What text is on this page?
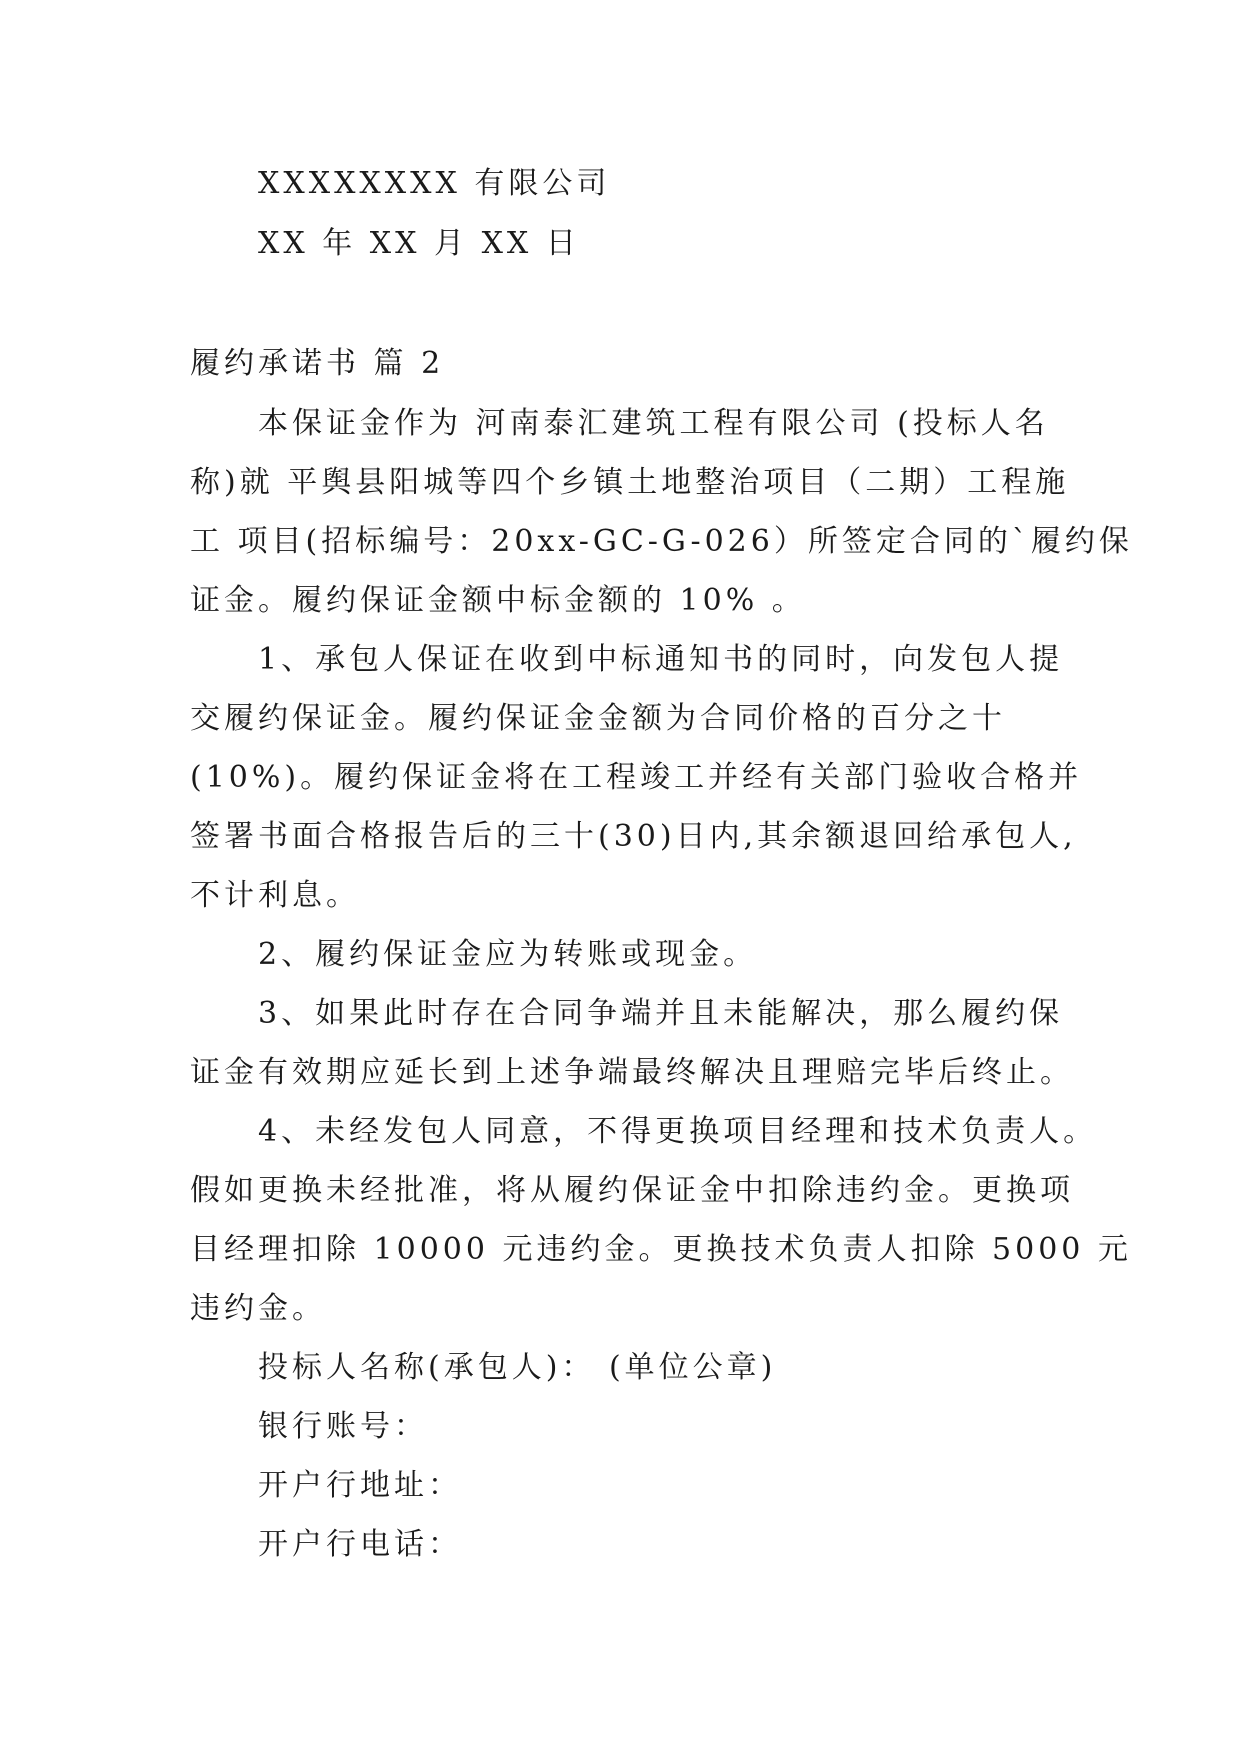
XXXXXXXX 有限公司
XX 年 XX 月 XX 日
履约承诺书 篇 2
本保证金作为 河南泰汇建筑工程有限公司 (投标人名
称)就 平舆县阳城等四个乡镇土地整治项目（二期）工程施
工 项目(招标编号：20xx-GC-G-026）所签定合同的`履约保
证金。履约保证金额中标金额的 10% 。
1、承包人保证在收到中标通知书的同时，向发包人提
交履约保证金。履约保证金金额为合同价格的百分之十
(10%)。履约保证金将在工程竣工并经有关部门验收合格并
签署书面合格报告后的三十(30)日内,其余额退回给承包人,
不计利息。
2、履约保证金应为转账或现金。
3、如果此时存在合同争端并且未能解决，那么履约保
证金有效期应延长到上述争端最终解决且理赔完毕后终止。
4、未经发包人同意，不得更换项目经理和技术负责人。
假如更换未经批准，将从履约保证金中扣除违约金。更换项
目经理扣除 10000 元违约金。更换技术负责人扣除 5000 元
违约金。
投标人名称(承包人)： (单位公章)
银行账号：
开户行地址：
开户行电话：
